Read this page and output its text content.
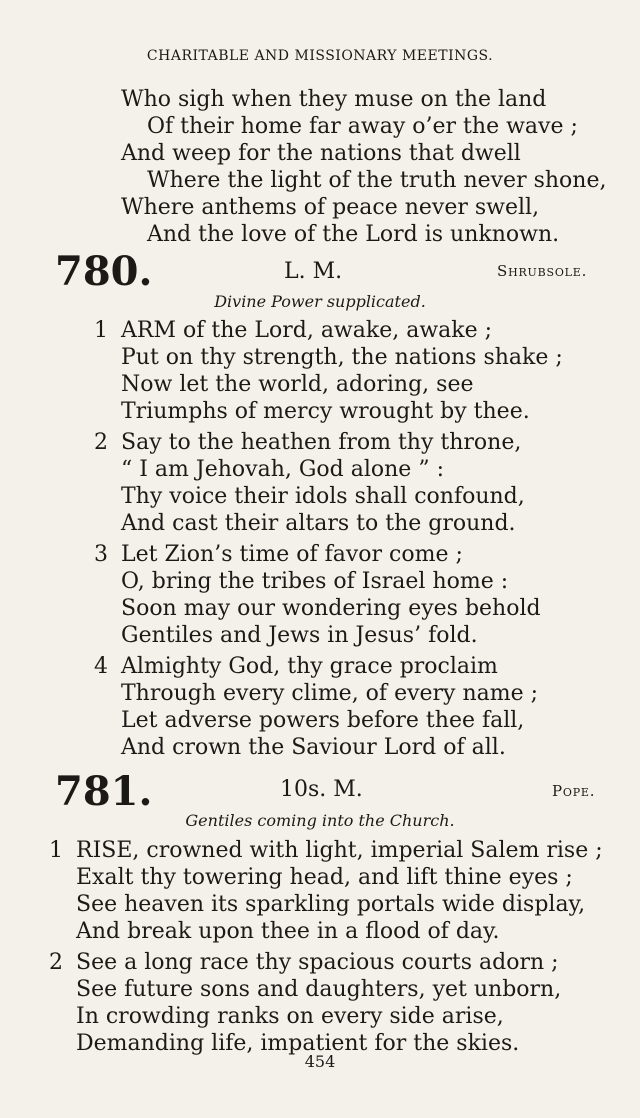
CHARITABLE AND MISSIONARY MEETINGS.
Who sigh when they muse on the land
Of their home far away o’er the wave ;
And weep for the nations that dwell
Where the light of the truth never shone,
Where anthems of peace never swell,
And the love of the Lord is unknown.
780.	L. M.	Shrubsole.
Divine Power supplicated.
1 ARM of the Lord, awake, awake ;
Put on thy strength, the nations shake ;
Now let the world, adoring, see
Triumphs of mercy wrought by thee.
2 Say to the heathen from thy throne,
“ I am Jehovah, God alone ” :
Thy voice their idols shall confound,
And cast their altars to the ground.
3 Let Zion’s time of favor come ;
O, bring the tribes of Israel home :
Soon may our wondering eyes behold
Gentiles and Jews in Jesus’ fold.
4 Almighty God, thy grace proclaim
Through every clime, of every name ;
Let adverse powers before thee fall,
And crown the Saviour Lord of all.
781.	10s. M.	Pope.
Gentiles coming into the Church.
1 RISE, crowned with light, imperial Salem rise ;
Exalt thy towering head, and lift thine eyes ;
See heaven its sparkling portals wide display,
And break upon thee in a flood of day.
2 See a long race thy spacious courts adorn ;
See future sons and daughters, yet unborn,
In crowding ranks on every side arise,
Demanding life, impatient for the skies.
454
